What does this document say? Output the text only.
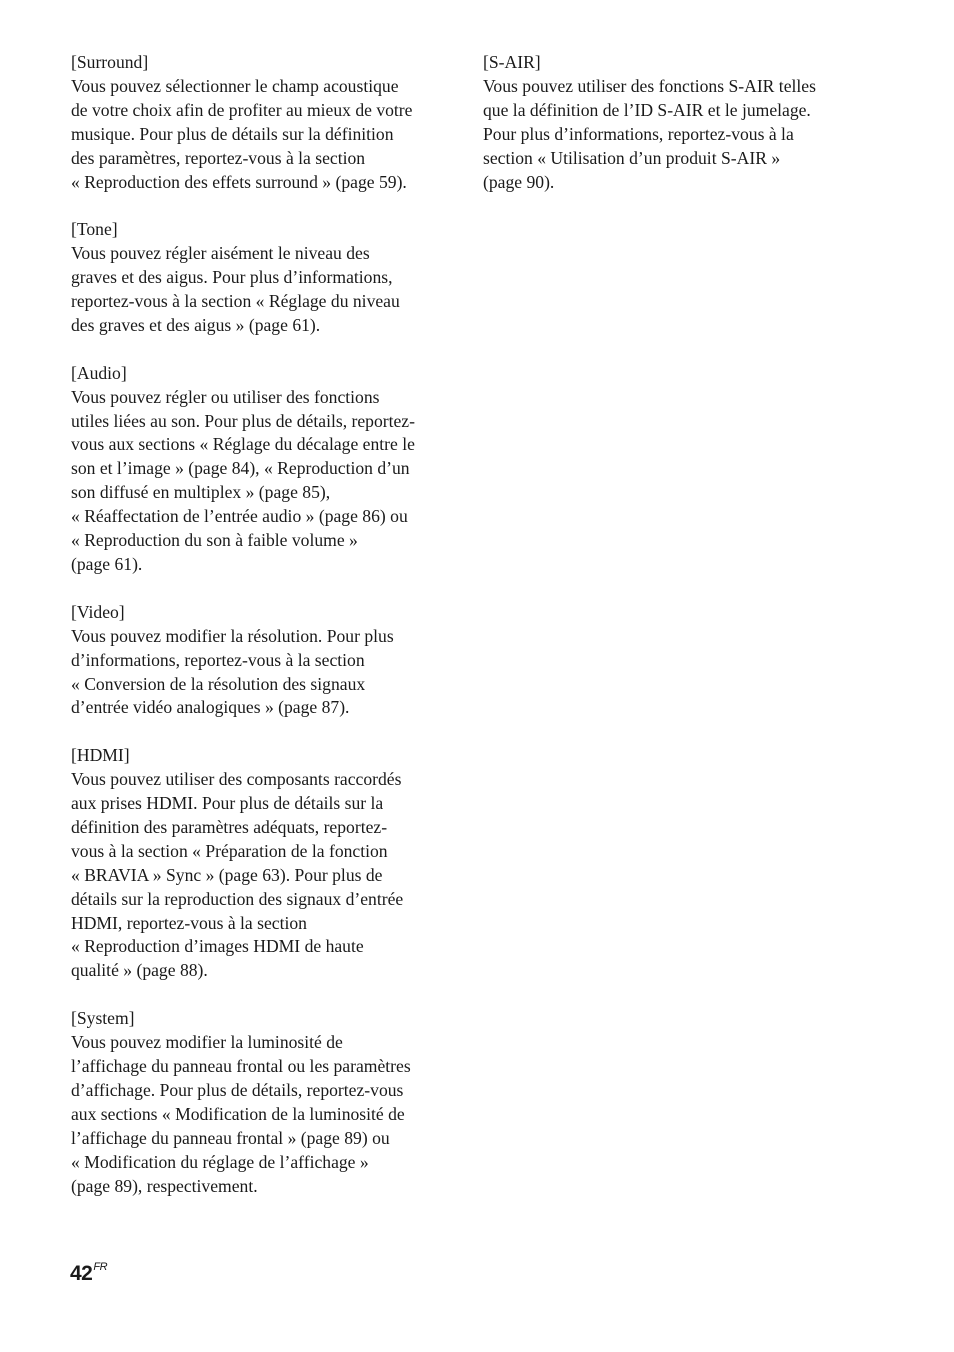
[Surround]
Vous pouvez sélectionner le champ acoustique
de votre choix afin de profiter au mieux de votre
musique. Pour plus de détails sur la définition
des paramètres, reportez-vous à la section
« Reproduction des effets surround » (page 59).
[Tone]
Vous pouvez régler aisément le niveau des
graves et des aigus. Pour plus d’informations,
reportez-vous à la section « Réglage du niveau
des graves et des aigus » (page 61).
[Audio]
Vous pouvez régler ou utiliser des fonctions
utiles liées au son. Pour plus de détails, reportez-
vous aux sections « Réglage du décalage entre le
son et l’image » (page 84), « Reproduction d’un
son diffusé en multiplex » (page 85),
« Réaffectation de l’entrée audio » (page 86) ou
« Reproduction du son à faible volume »
(page 61).
[Video]
Vous pouvez modifier la résolution. Pour plus
d’informations, reportez-vous à la section
« Conversion de la résolution des signaux
d’entrée vidéo analogiques » (page 87).
[HDMI]
Vous pouvez utiliser des composants raccordés
aux prises HDMI. Pour plus de détails sur la
définition des paramètres adéquats, reportez-
vous à la section « Préparation de la fonction
« BRAVIA » Sync » (page 63). Pour plus de
détails sur la reproduction des signaux d’entrée
HDMI, reportez-vous à la section
« Reproduction d’images HDMI de haute
qualité » (page 88).
[System]
Vous pouvez modifier la luminosité de
l’affichage du panneau frontal ou les paramètres
d’affichage. Pour plus de détails, reportez-vous
aux sections « Modification de la luminosité de
l’affichage du panneau frontal » (page 89) ou
« Modification du réglage de l’affichage »
(page 89), respectivement.
[S-AIR]
Vous pouvez utiliser des fonctions S-AIR telles
que la définition de l’ID S-AIR et le jumelage.
Pour plus d’informations, reportez-vous à la
section « Utilisation d’un produit S-AIR »
(page 90).
$42^{FR}$
